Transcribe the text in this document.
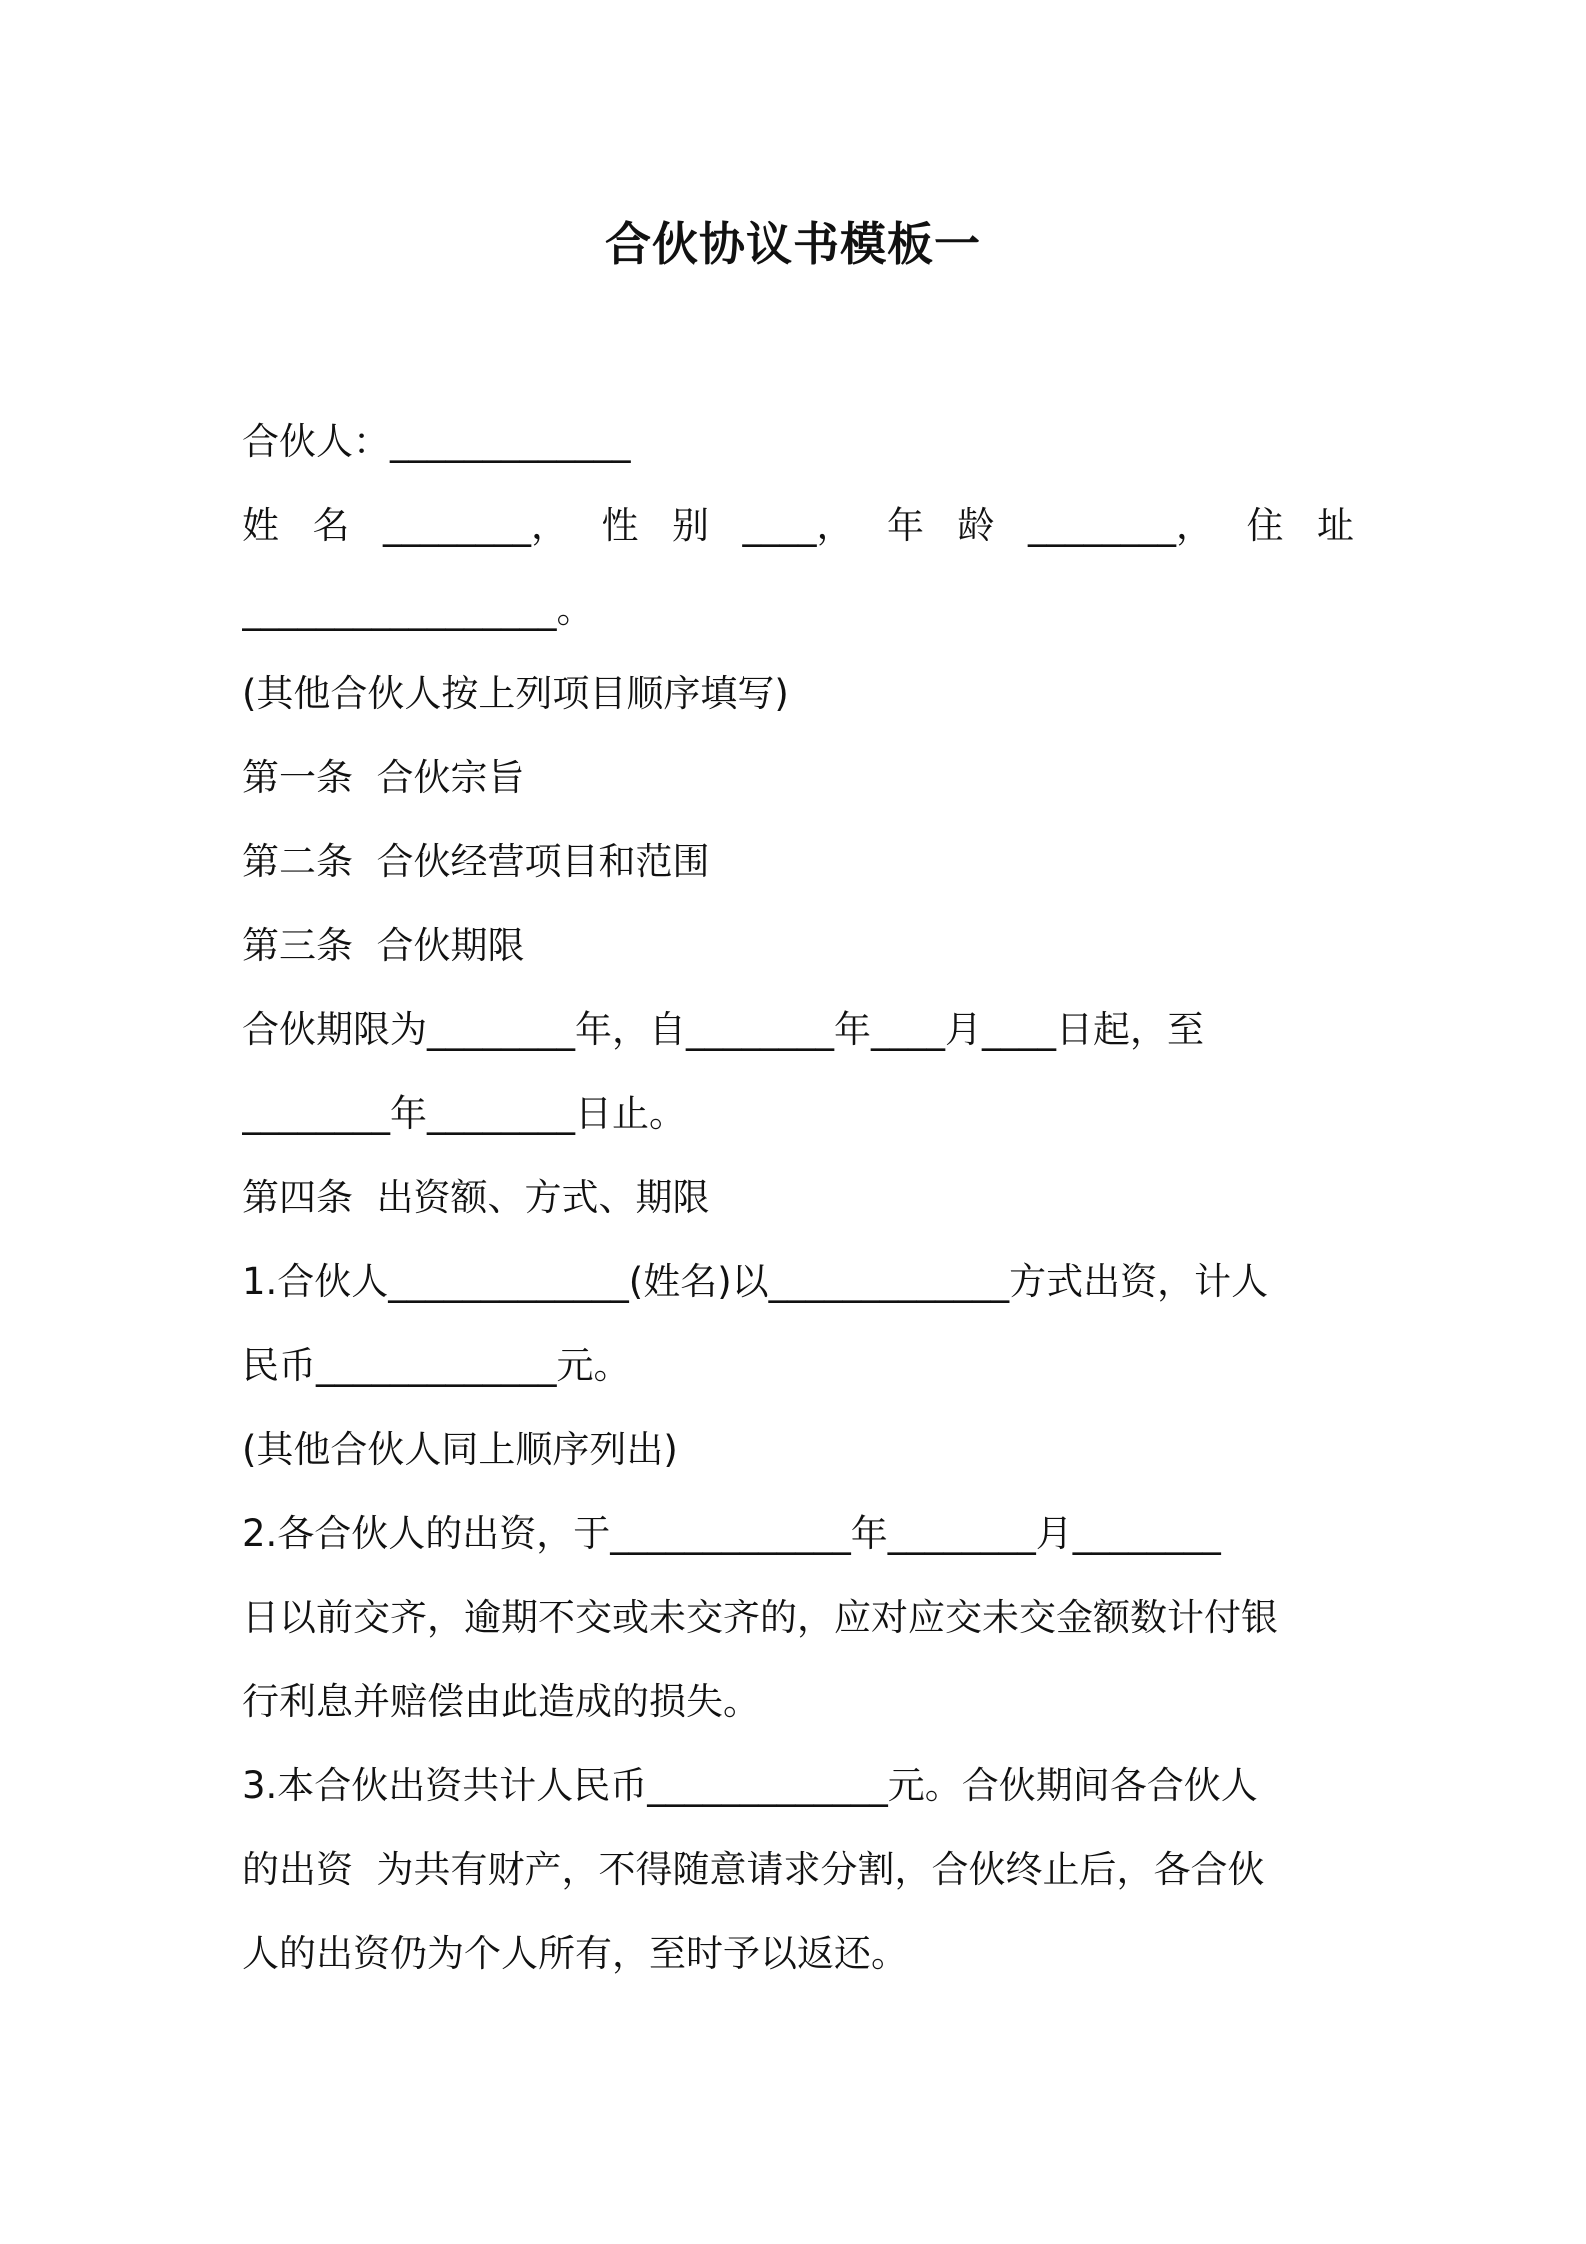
合伙协议书模板一
合伙人：_____________
姓 名 ________， 性 别 ____， 年 龄 ________， 住 址
_________________。
(其他合伙人按上列项目顺序填写)
第一条  合伙宗旨
第二条  合伙经营项目和范围
第三条  合伙期限
合伙期限为________年，自________年____月____日起，至
________年________日止。
第四条  出资额、方式、期限
1.合伙人_____________(姓名)以_____________方式出资，计人
民币_____________元。
(其他合伙人同上顺序列出)
2.各合伙人的出资，于_____________年________月________
日以前交齐，逾期不交或未交齐的，应对应交未交金额数计付银
行利息并赔偿由此造成的损失。
3.本合伙出资共计人民币_____________元。合伙期间各合伙人
的出资  为共有财产，不得随意请求分割，合伙终止后，各合伙
人的出资仍为个人所有，至时予以返还。
